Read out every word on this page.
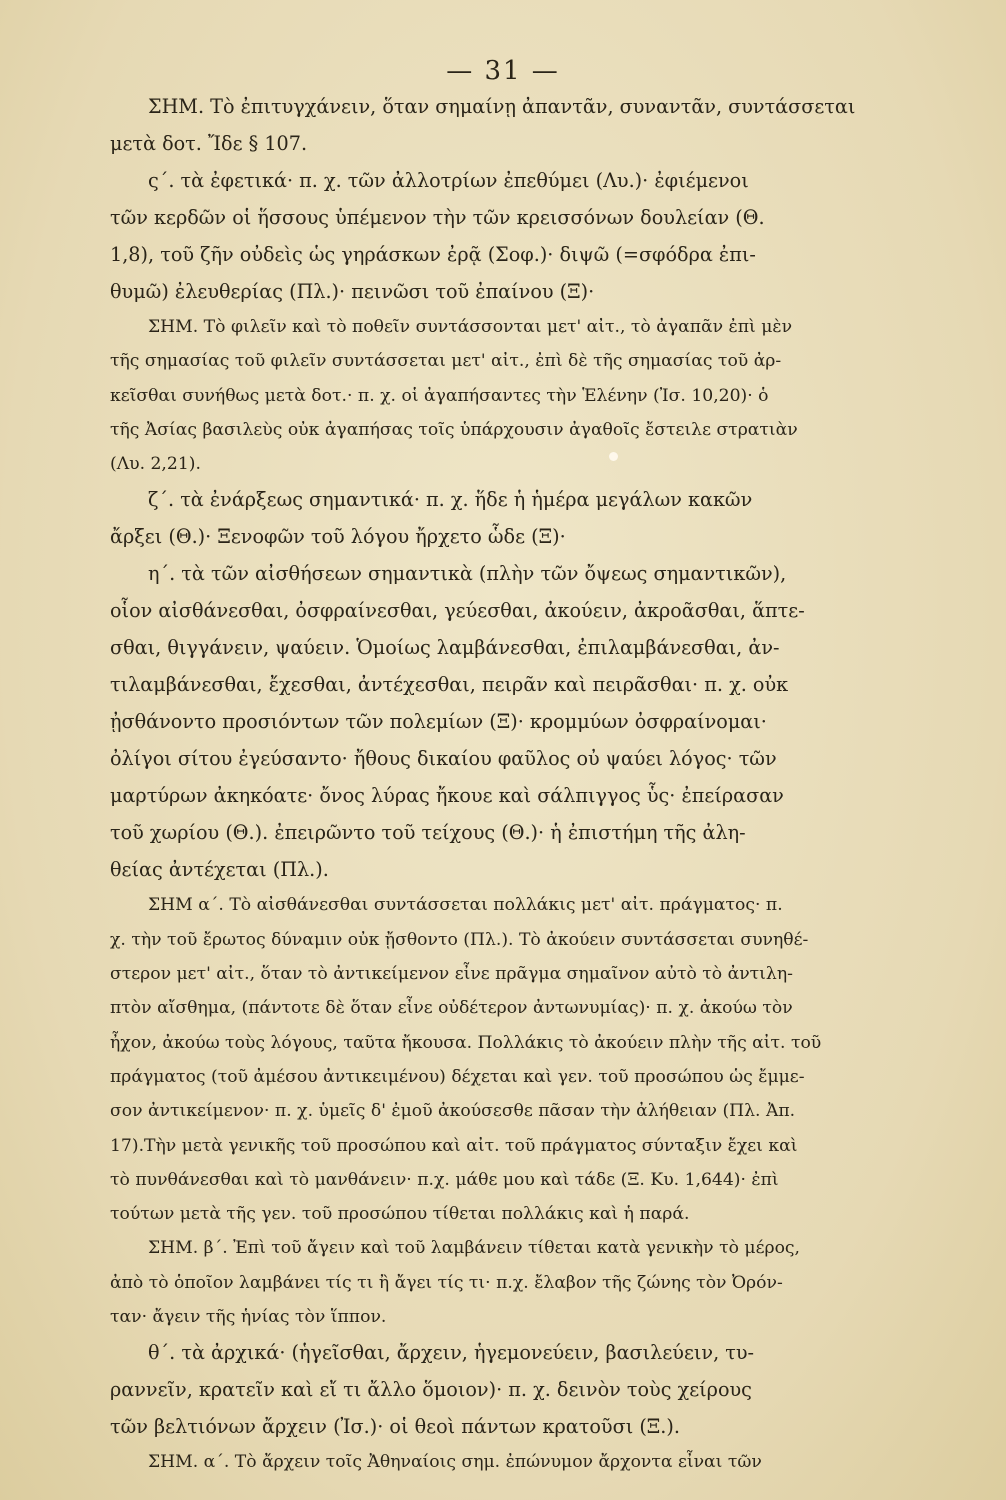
— 31 —
ΣΗΜ. Τὸ ἐπιτυγχάνειν, ὅταν σημαίνῃ ἀπαντᾶν, συναντᾶν, συντάσσεται
μετὰ δοτ. Ἴδε § 107.
ς΄. τὰ ἐφετικά· π. χ. τῶν ἀλλοτρίων ἐπεθύμει (Λυ.)· ἐφιέμενοι
τῶν κερδῶν οἱ ἥσσους ὑπέμενον τὴν τῶν κρεισσόνων δουλείαν (Θ.
1,8), τοῦ ζῆν οὐδεὶς ὡς γηράσκων ἐρᾷ (Σοφ.)· διψῶ (=σφόδρα ἐπι-
θυμῶ) ἐλευθερίας (Πλ.)· πεινῶσι τοῦ ἐπαίνου (Ξ)·
ΣΗΜ. Τὸ φιλεῖν καὶ τὸ ποθεῖν συντάσσονται μετ' αἰτ., τὸ ἀγαπᾶν ἐπὶ μὲν
τῆς σημασίας τοῦ φιλεῖν συντάσσεται μετ' αἰτ., ἐπὶ δὲ τῆς σημασίας τοῦ ἀρ-
κεῖσθαι συνήθως μετὰ δοτ.· π. χ. οἱ ἀγαπήσαντες τὴν Ἑλένην (Ἰσ. 10,20)· ὁ
τῆς Ἀσίας βασιλεὺς οὐκ ἀγαπήσας τοῖς ὑπάρχουσιν ἀγαθοῖς ἔστειλε στρατιὰν
(Λυ. 2,21).
ζ΄. τὰ ἐνάρξεως σημαντικά· π. χ. ἥδε ἡ ἡμέρα μεγάλων κακῶν
ἄρξει (Θ.)· Ξενοφῶν τοῦ λόγου ἤρχετο ὧδε (Ξ)·
η΄. τὰ τῶν αἰσθήσεων σημαντικὰ (πλὴν τῶν ὄψεως σημαντικῶν),
οἷον αἰσθάνεσθαι, ὀσφραίνεσθαι, γεύεσθαι, ἀκούειν, ἀκροᾶσθαι, ἅπτε-
σθαι, θιγγάνειν, ψαύειν. Ὁμοίως λαμβάνεσθαι, ἐπιλαμβάνεσθαι, ἀν-
τιλαμβάνεσθαι, ἔχεσθαι, ἀντέχεσθαι, πειρᾶν καὶ πειρᾶσθαι· π. χ. οὐκ
ᾐσθάνοντο προσιόντων τῶν πολεμίων (Ξ)· κρομμύων ὀσφραίνομαι·
ὀλίγοι σίτου ἐγεύσαντο· ἤθους δικαίου φαῦλος οὐ ψαύει λόγος· τῶν
μαρτύρων ἀκηκόατε· ὄνος λύρας ἤκουε καὶ σάλπιγγος ὗς· ἐπείρασαν
τοῦ χωρίου (Θ.). ἐπειρῶντο τοῦ τείχους (Θ.)· ἡ ἐπιστήμη τῆς ἀλη-
θείας ἀντέχεται (Πλ.).
ΣΗΜ α΄. Τὸ αἰσθάνεσθαι συντάσσεται πολλάκις μετ' αἰτ. πράγματος· π.
χ. τὴν τοῦ ἔρωτος δύναμιν οὐκ ᾔσθοντο (Πλ.). Τὸ ἀκούειν συντάσσεται συνηθέ-
στερον μετ' αἰτ., ὅταν τὸ ἀντικείμενον εἶνε πρᾶγμα σημαῖνον αὐτὸ τὸ ἀντιλη-
πτὸν αἴσθημα, (πάντοτε δὲ ὅταν εἶνε οὐδέτερον ἀντωνυμίας)· π. χ. ἀκούω τὸν
ἦχον, ἀκούω τοὺς λόγους, ταῦτα ἤκουσα. Πολλάκις τὸ ἀκούειν πλὴν τῆς αἰτ. τοῦ
πράγματος (τοῦ ἀμέσου ἀντικειμένου) δέχεται καὶ γεν. τοῦ προσώπου ὡς ἔμμε-
σον ἀντικείμενον· π. χ. ὑμεῖς δ' ἐμοῦ ἀκούσεσθε πᾶσαν τὴν ἀλήθειαν (Πλ. Ἀπ.
17).Τὴν μετὰ γενικῆς τοῦ προσώπου καὶ αἰτ. τοῦ πράγματος σύνταξιν ἔχει καὶ
τὸ πυνθάνεσθαι καὶ τὸ μανθάνειν· π.χ. μάθε μου καὶ τάδε (Ξ. Κυ. 1,644)· ἐπὶ
τούτων μετὰ τῆς γεν. τοῦ προσώπου τίθεται πολλάκις καὶ ἡ παρά.
ΣΗΜ. β΄. Ἐπὶ τοῦ ἄγειν καὶ τοῦ λαμβάνειν τίθεται κατὰ γενικὴν τὸ μέρος,
ἀπὸ τὸ ὁποῖον λαμβάνει τίς τι ἢ ἄγει τίς τι· π.χ. ἔλαβον τῆς ζώνης τὸν Ὀρόν-
ταν· ἄγειν τῆς ἡνίας τὸν ἵππον.
θ΄. τὰ ἀρχικά· (ἡγεῖσθαι, ἄρχειν, ἡγεμονεύειν, βασιλεύειν, τυ-
ραννεῖν, κρατεῖν καὶ εἴ τι ἄλλο ὅμοιον)· π. χ. δεινὸν τοὺς χείρους
τῶν βελτιόνων ἄρχειν (Ἰσ.)· οἱ θεοὶ πάντων κρατοῦσι (Ξ.).
ΣΗΜ. α΄. Τὸ ἄρχειν τοῖς Ἀθηναίοις σημ. ἐπώνυμον ἄρχοντα εἶναι τῶν
